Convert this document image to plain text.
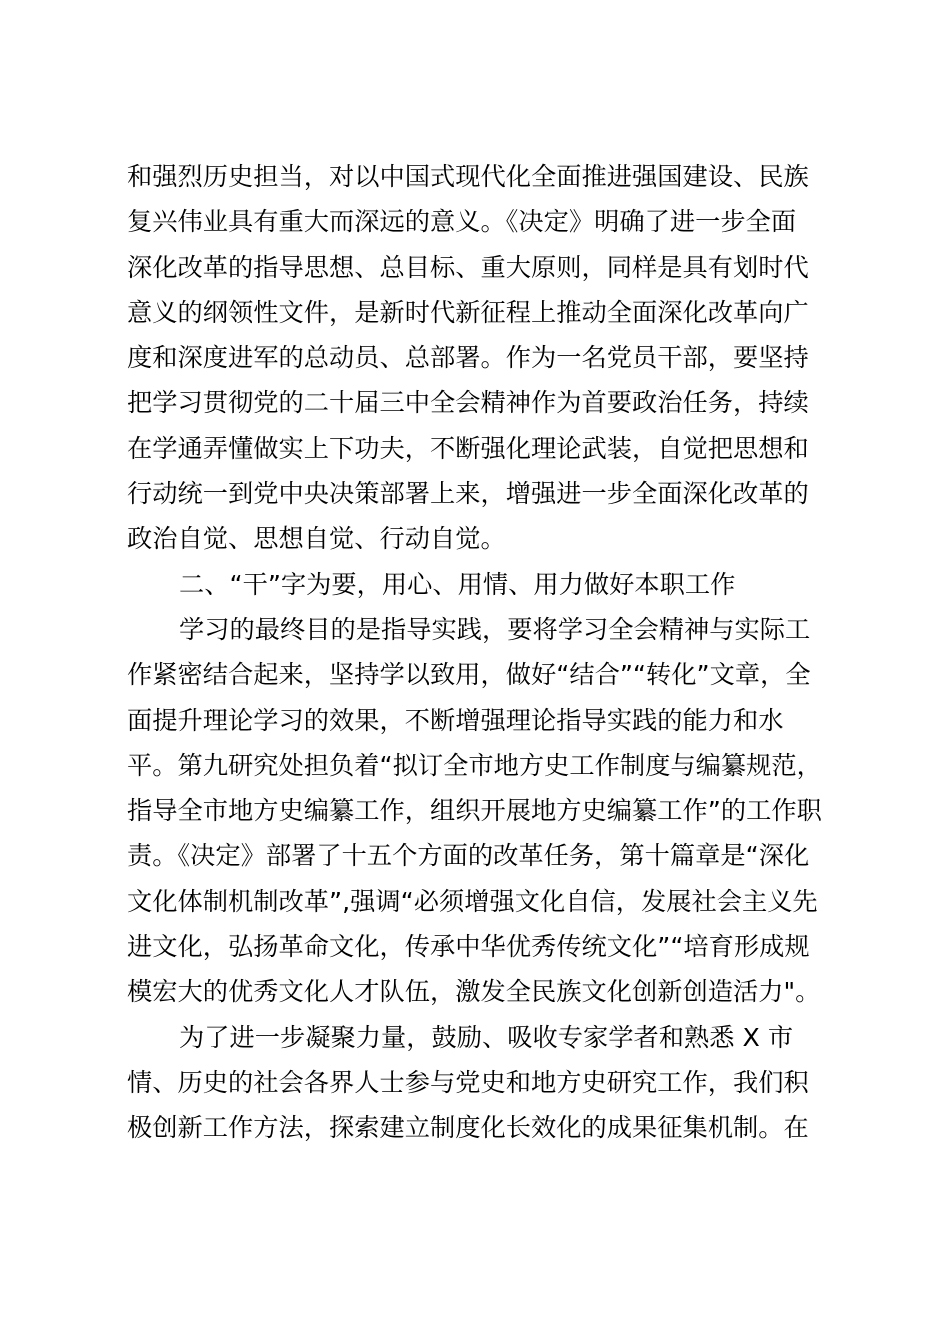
和强烈历史担当，对以中国式现代化全面推进强国建设、民族
复兴伟业具有重大而深远的意义。《决定》明确了进一步全面
深化改革的指导思想、总目标、重大原则，同样是具有划时代
意义的纲领性文件，是新时代新征程上推动全面深化改革向广
度和深度进军的总动员、总部署。作为一名党员干部，要坚持
把学习贯彻党的二十届三中全会精神作为首要政治任务，持续
在学通弄懂做实上下功夫，不断强化理论武装，自觉把思想和
行动统一到党中央决策部署上来，增强进一步全面深化改革的
政治自觉、思想自觉、行动自觉。
二、“干”字为要，用心、用情、用力做好本职工作
学习的最终目的是指导实践，要将学习全会精神与实际工
作紧密结合起来，坚持学以致用，做好“结合”“转化”文章，全
面提升理论学习的效果，不断增强理论指导实践的能力和水
平。第九研究处担负着“拟订全市地方史工作制度与编纂规范，
指导全市地方史编纂工作，组织开展地方史编纂工作”的工作职
责。《决定》部署了十五个方面的改革任务，第十篇章是“深化
文化体制机制改革”,强调“必须增强文化自信，发展社会主义先
进文化，弘扬革命文化，传承中华优秀传统文化”“培育形成规
模宏大的优秀文化人才队伍，激发全民族文化创新创造活力"。
为了进一步凝聚力量，鼓励、吸收专家学者和熟悉 X 市
情、历史的社会各界人士参与党史和地方史研究工作，我们积
极创新工作方法，探索建立制度化长效化的成果征集机制。在
